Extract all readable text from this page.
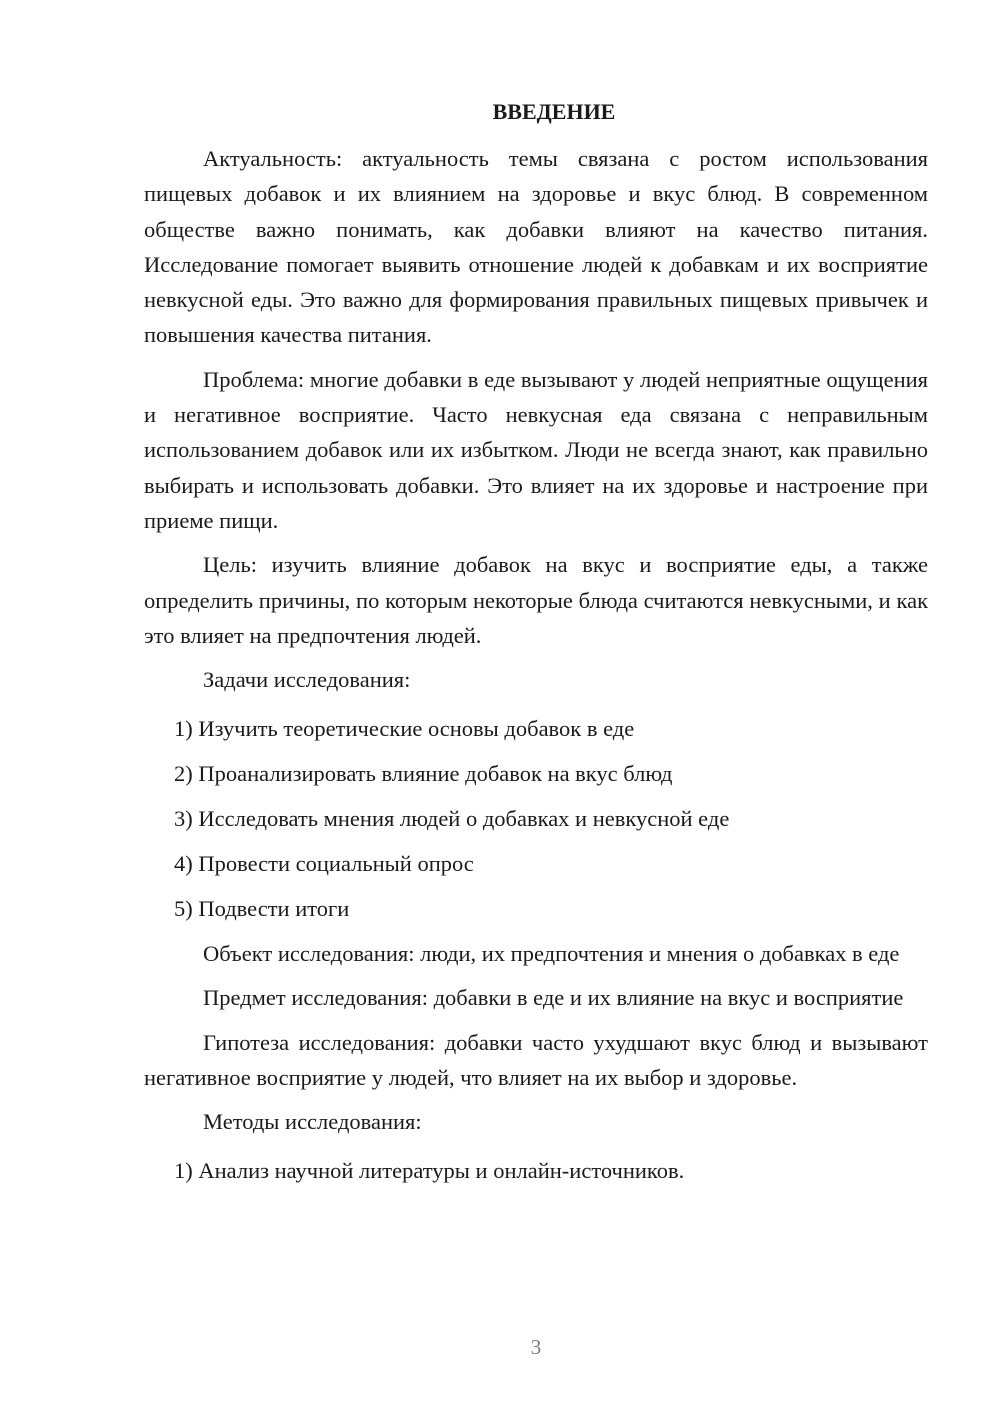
ВВЕДЕНИЕ

Актуальность: актуальность темы связана с ростом использования пищевых добавок и их влиянием на здоровье и вкус блюд. В современном обществе важно понимать, как добавки влияют на качество питания. Исследование помогает выявить отношение людей к добавкам и их восприятие невкусной еды. Это важно для формирования правильных пищевых привычек и повышения качества питания.

Проблема: многие добавки в еде вызывают у людей неприятные ощущения и негативное восприятие. Часто невкусная еда связана с неправильным использованием добавок или их избытком. Люди не всегда знают, как правильно выбирать и использовать добавки. Это влияет на их здоровье и настроение при приеме пищи.

Цель: изучить влияние добавок на вкус и восприятие еды, а также определить причины, по которым некоторые блюда считаются невкусными, и как это влияет на предпочтения людей.

Задачи исследования:

1) Изучить теоретические основы добавок в еде

2) Проанализировать влияние добавок на вкус блюд

3) Исследовать мнения людей о добавках и невкусной еде

4) Провести социальный опрос

5) Подвести итоги

Объект исследования: люди, их предпочтения и мнения о добавках в еде

Предмет исследования: добавки в еде и их влияние на вкус и восприятие

Гипотеза исследования: добавки часто ухудшают вкус блюд и вызывают негативное восприятие у людей, что влияет на их выбор и здоровье.

Методы исследования:

1) Анализ научной литературы и онлайн-источников.

3
